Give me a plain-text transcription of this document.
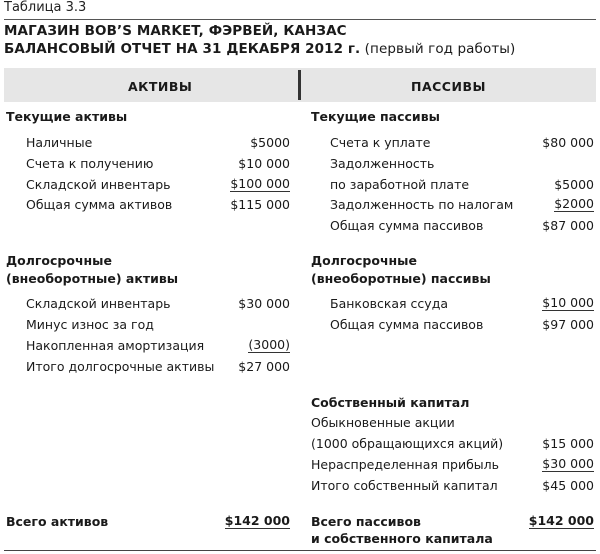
Таблица 3.3
МАГАЗИН BOB’S MARKET, ФЭРВЕЙ, КАНЗАС
БАЛАНСОВЫЙ ОТЧЕТ НА 31 ДЕКАБРЯ 2012 г. (первый год работы)
АКТИВЫ	ПАССИВЫ
Текущие активы
Наличные	$5000
Счета к получению	$10 000
Складской инвентарь	$100 000
Общая сумма активов	$115 000
Долгосрочные
(внеоборотные) активы
Складской инвентарь	$30 000
Минус износ за год
Накопленная амортизация	(3000)
Итого долгосрочные активы $27 000
Всего активов	$142 000
Текущие пассивы
Счета к уплате	$80 000
Задолженность
по заработной плате	$5000
Задолженность по налогам	$2000
Общая сумма пассивов	$87 000
Долгосрочные
(внеоборотные) пассивы
Банковская ссуда	$10 000
Общая сумма пассивов	$97 000
Собственный капитал
Обыкновенные акции
(1000 обращающихся акций)	$15 000
Нераспределенная прибыль	$30 000
Итого собственный капитал	$45 000
Всего пассивов
и собственного капитала
$142 000
